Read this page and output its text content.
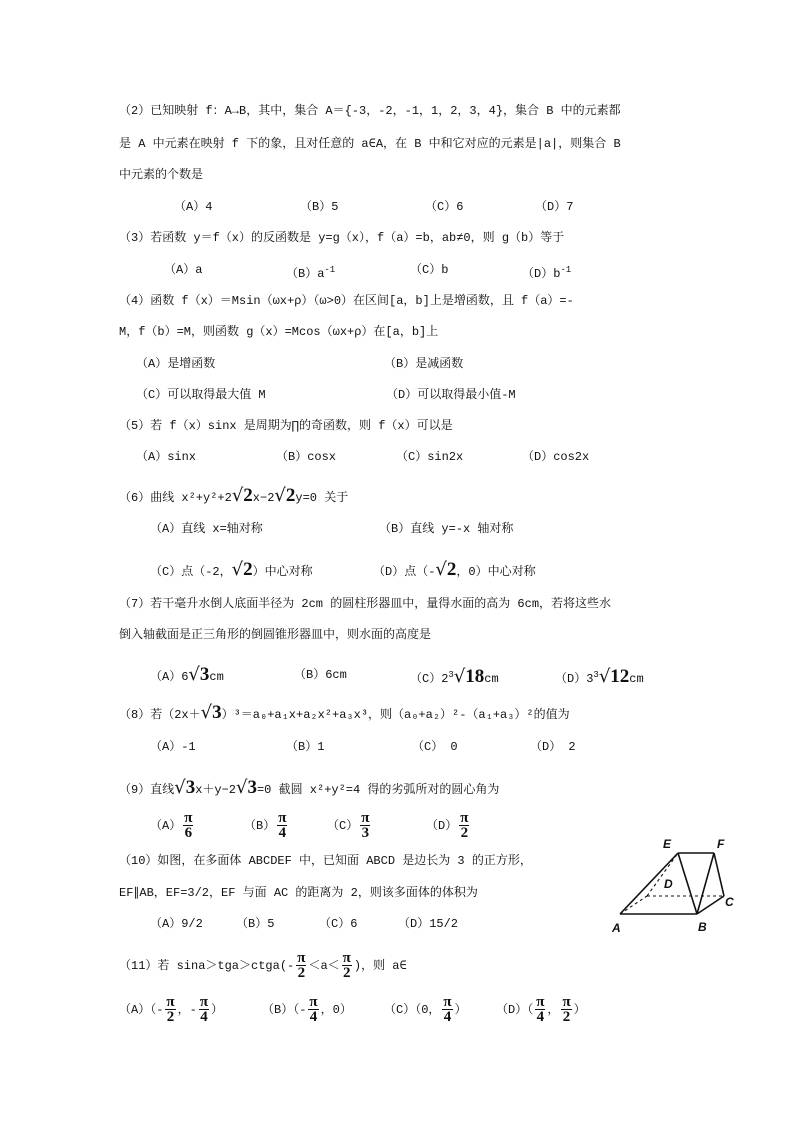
（2）已知映射 f：A→B，其中，集合 A＝{-3，-2，-1，1，2，3，4}，集合 B 中的元素都
是 A 中元素在映射 f 下的象，且对任意的 a∈A，在 B 中和它对应的元素是|a|，则集合 B
中元素的个数是
（A）4	（B）5	（C）6	（D）7
（3）若函数 y＝f（x）的反函数是 y=g（x），f（a）=b，ab≠0，则 g（b）等于
（A）a	$(B)a^{-1}$	（C）b	$(D)b^{-1}$
（4）函数 f（x）＝Msin（ωx+ρ）（ω>0）在区间[a，b]上是增函数，且 f（a）=-
M，f（b）=M，则函数 g（x）=Mcos（ωx+ρ）在[a，b]上
（A）是增函数	（B）是减函数
（C）可以取得最大值 M	（D）可以取得最小值-M
（5）若 f（x）sinx 是周期为∏的奇函数，则 f（x）可以是
（A）sinx	（B）cosx	（C）sin2x	（D）cos2x
（6）曲线 x²+y²+2√2x−2√2y=0 关于
（A）直线 x=轴对称	（B）直线 y=-x 轴对称
（C）点（-2，√2）中心对称	（D）点（-√2，0）中心对称
（7）若干毫升水倒人底面半径为 2cm 的圆柱形器皿中，量得水面的高为 6cm，若将这些水
倒入轴截面是正三角形的倒圆锥形器皿中，则水面的高度是
（A）6√3cm	（B）6cm	$(C)2^3√18cm$	$(D)3^3√12cm$
（8）若（2x＋√3）³＝a₀+a₁x+a₂x²+a₃x³，则（a₀+a₂）²-（a₁+a₃）²的值为
（A）-1	（B）1	（C） 0	（D） 2
（9）直线√3x＋y−2√3=0 截圆 x²+y²=4 得的劣弧所对的圆心角为
$(A) \frac{\pi}{6}$	$(B) \frac{\pi}{4}$	$(C) \frac{\pi}{3}$	$(D) \frac{\pi}{2}$
（10）如图，在多面体 ABCDEF 中，已知面 ABCD 是边长为 3 的正方形，
EF∥AB，EF=3/2，EF 与面 AC 的距离为 2，则该多面体的体积为
（A）9/2	（B）5	（C）6	（D）15/2
E	F
D
C
A	B
（11）若 sina＞tga＞ctga(- $\frac{\pi}{2} <a< \frac{\pi}{2}$ )，则 a∈
$(A)(- \frac{\pi}{2}$ ，- $\frac{\pi}{4}$ ）	$(B)(- \frac{\pi}{4}$ ，0）	（C）（0， $\frac{\pi}{4}$ ） $(D)( \frac{\pi}{4}$ ， $\frac{\pi}{2}$ ）
